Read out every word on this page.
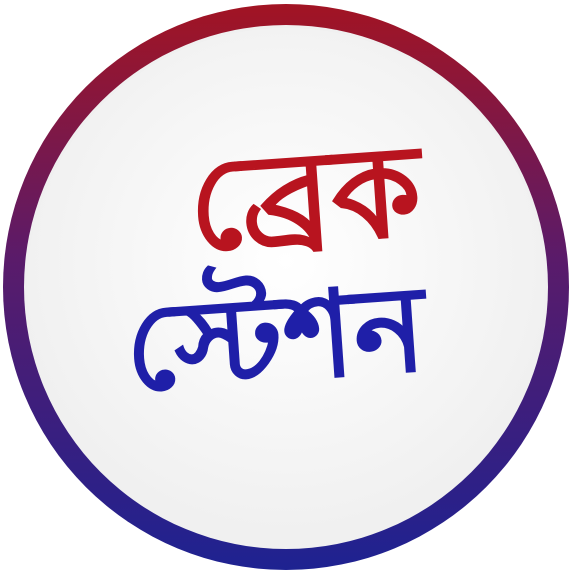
ব্রেক
স্টেশন
